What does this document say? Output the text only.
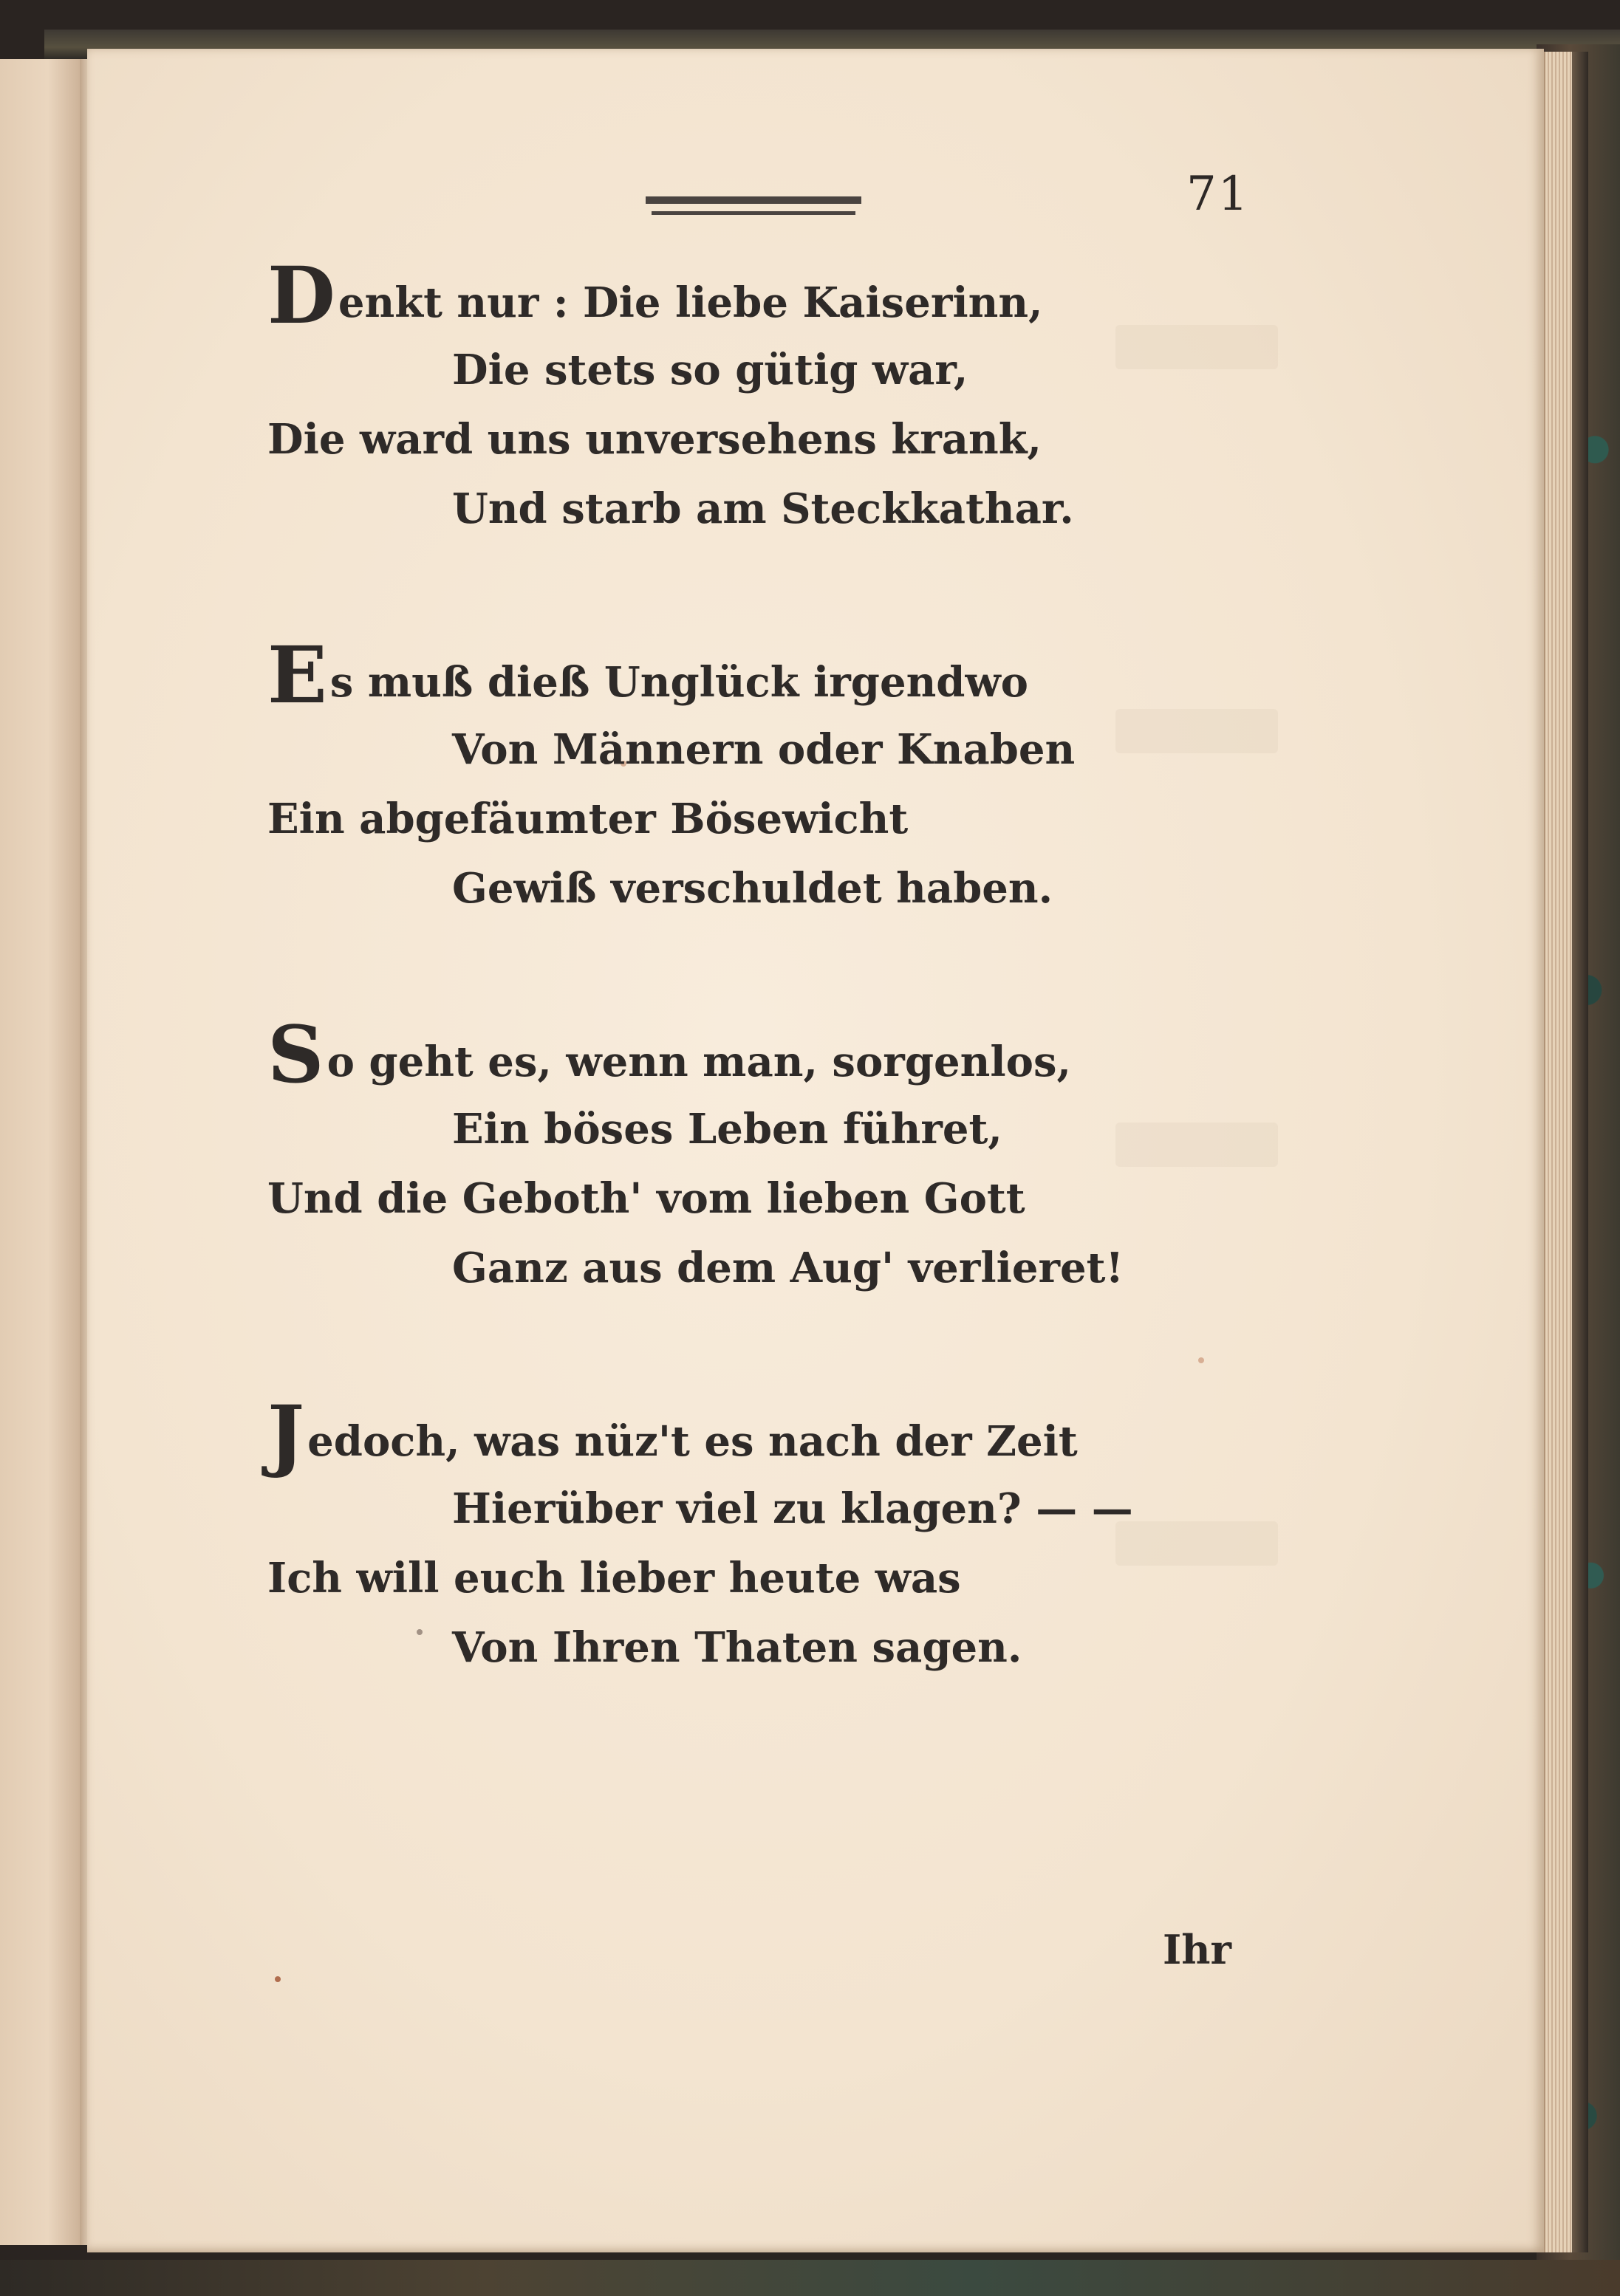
71
Denkt nur : Die liebe Kaiserinn,
Die stets so gütig war,
Die ward uns unversehens krank,
Und starb am Steckkathar.
Es muß dieß Unglück irgendwo
Von Männern oder Knaben
Ein abgefäumter Bösewicht
Gewiß verschuldet haben.
So geht es, wenn man, sorgenlos,
Ein böses Leben führet,
Und die Geboth' vom lieben Gott
Ganz aus dem Aug' verlieret!
Jedoch, was nüz't es nach der Zeit
Hierüber viel zu klagen? — —
Ich will euch lieber heute was
Von Ihren Thaten sagen.
Ihr
